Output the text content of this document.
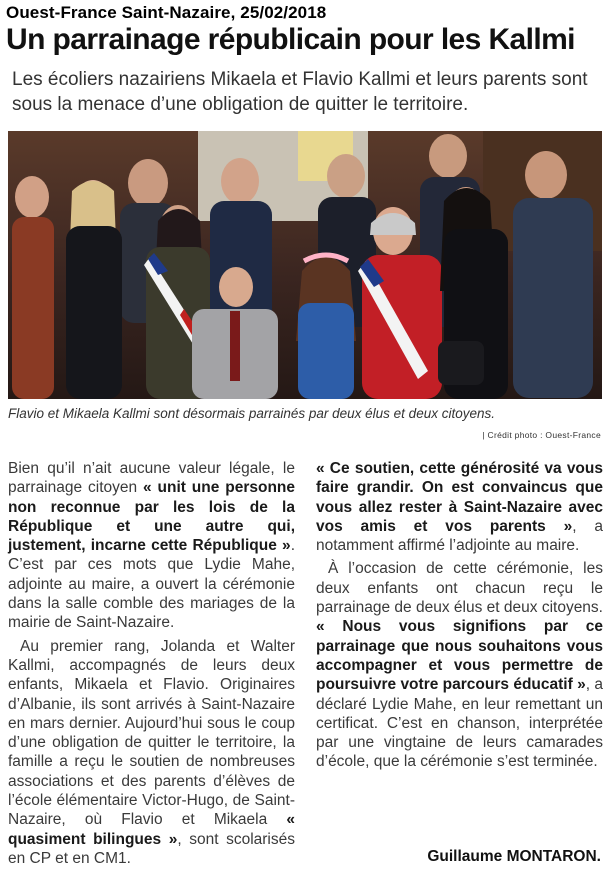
Ouest-France Saint-Nazaire, 25/02/2018
Un parrainage républicain pour les Kallmi
Les écoliers nazairiens Mikaela et Flavio Kallmi et leurs parents sont sous la menace d’une obligation de quitter le territoire.
Flavio et Mikaela Kallmi sont désormais parrainés par deux élus et deux citoyens.
| Crédit photo : Ouest-France

Bien qu’il n’ait aucune valeur légale, le parrainage citoyen « unit une personne non reconnue par les lois de la République et une autre qui, justement, incarne cette République ». C’est par ces mots que Lydie Mahe, adjointe au maire, a ouvert la cérémonie dans la salle comble des mariages de la mairie de Saint-Nazaire.

Au premier rang, Jolanda et Walter Kallmi, accompagnés de leurs deux enfants, Mikaela et Flavio. Originaires d’Albanie, ils sont arrivés à Saint-Nazaire en mars dernier. Aujourd’hui sous le coup d’une obligation de quitter le territoire, la famille a reçu le soutien de nombreuses associations et des parents d’élèves de l’école élémentaire Victor-Hugo, de Saint-Nazaire, où Flavio et Mikaela « quasiment bilingues », sont scolarisés en CP et en CM1.

« Ce soutien, cette générosité va vous faire grandir. On est convaincus que vous allez rester à Saint-Nazaire avec vos amis et vos parents », a notamment affirmé l’adjointe au maire.

À l’occasion de cette cérémonie, les deux enfants ont chacun reçu le parrainage de deux élus et deux citoyens. « Nous vous signifions par ce parrainage que nous souhaitons vous accompagner et vous permettre de poursuivre votre parcours éducatif », a déclaré Lydie Mahe, en leur remettant un certificat. C’est en chanson, interprétée par une vingtaine de leurs camarades d’école, que la cérémonie s’est terminée.

Guillaume MONTARON.
